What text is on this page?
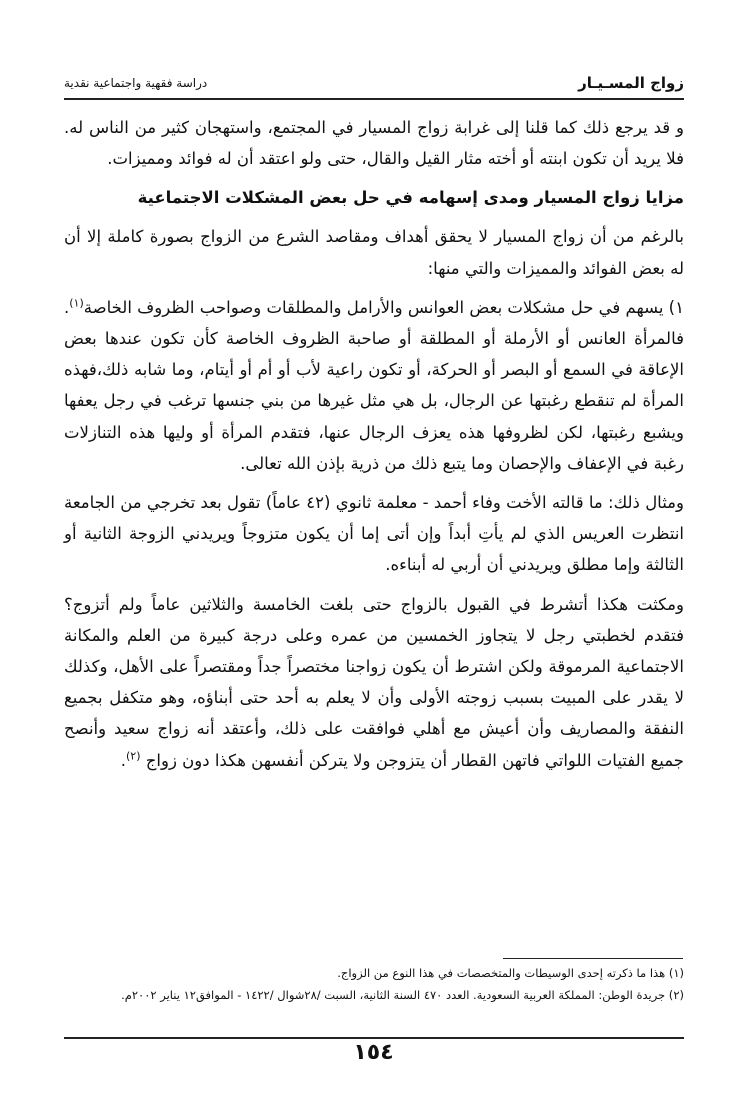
زواج المسـيـار
دراسة فقهية واجتماعية نقدية

و قد يرجع ذلك كما قلنا إلى غرابة زواج المسيار في المجتمع، واستهجان كثير من الناس له. فلا يريد أن تكون ابنته أو أخته مثار القيل والقال، حتى ولو اعتقد أن له فوائد ومميزات.

مزايا زواج المسيار ومدى إسهامه في حل بعض المشكلات الاجتماعية

بالرغم من أن زواج المسيار لا يحقق أهداف ومقاصد الشرع من الزواج بصورة كاملة إلا أن له بعض الفوائد والمميزات والتي منها:

١) يسهم في حل مشكلات بعض العوانس والأرامل والمطلقات وصواحب الظروف الخاصة$^{(١)}$. فالمرأة العانس أو الأرملة أو المطلقة أو صاحبة الظروف الخاصة كأن تكون عندها بعض الإعاقة في السمع أو البصر أو الحركة، أو تكون راعية لأب أو أم أو أيتام، وما شابه ذلك،فهذه المرأة لم تنقطع رغبتها عن الرجال، بل هي مثل غيرها من بني جنسها ترغب في رجل يعفها ويشبع رغبتها، لكن لظروفها هذه يعزف الرجال عنها، فتقدم المرأة أو وليها هذه التنازلات رغبة في الإعفاف والإحصان وما يتبع ذلك من ذرية بإذن الله تعالى.

ومثال ذلك: ما قالته الأخت وفاء أحمد - معلمة ثانوي (٤٢ عاماً) تقول بعد تخرجي من الجامعة انتظرت العريس الذي لم يأتِ أبداً وإن أتى إما أن يكون متزوجاً ويريدني الزوجة الثانية أو الثالثة وإما مطلق ويريدني أن أربي له أبناءه.

ومكثت هكذا أتشرط في القبول بالزواج حتى بلغت الخامسة والثلاثين عاماً ولم أتزوج؟ فتقدم لخطبتي رجل لا يتجاوز الخمسين من عمره وعلى درجة كبيرة من العلم والمكانة الاجتماعية المرموقة ولكن اشترط أن يكون زواجنا مختصراً جداً ومقتصراً على الأهل، وكذلك لا يقدر على المبيت بسبب زوجته الأولى وأن لا يعلم به أحد حتى أبناؤه، وهو متكفل بجميع النفقة والمصاريف وأن أعيش مع أهلي فوافقت على ذلك، وأعتقد أنه زواج سعيد وأنصح جميع الفتيات اللواتي فاتهن القطار أن يتزوجن ولا يتركن أنفسهن هكذا دون زواج $^{(٢)}$.

(١) هذا ما ذكرته إحدى الوسيطات والمتخصصات في هذا النوع من الزواج.
(٢) جريدة الوطن: المملكة العربية السعودية. العدد ٤٧٠ السنة الثانية، السبت /٢٨شوال /١٤٢٢ - الموافق١٢ يناير ٢٠٠٢م.
١٥٤
